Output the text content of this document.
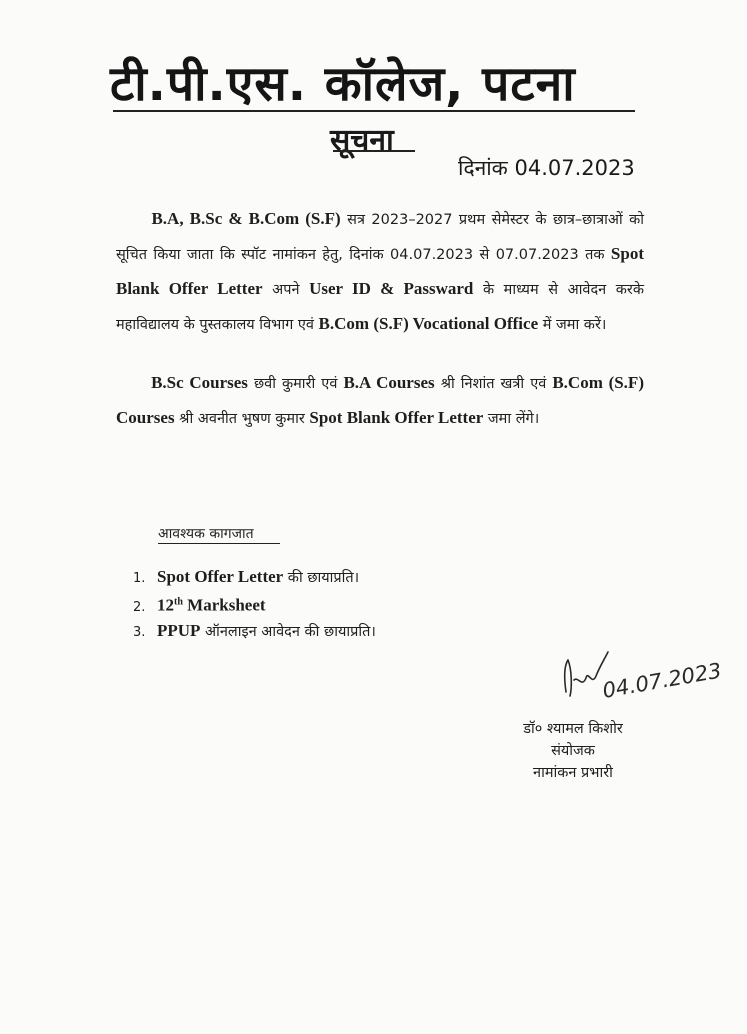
टी.पी.एस. कॉलेज, पटना
सूचना
दिनांक 04.07.2023
   B.A, B.Sc & B.Com (S.F) सत्र 2023–2027 प्रथम सेमेस्टर के छात्र–छात्राओं को सूचित किया जाता कि स्पॉट नामांकन हेतु, दिनांक 04.07.2023 से 07.07.2023 तक Spot Blank Offer Letter अपने User ID & Passward के माध्यम से आवेदन करके महाविद्यालय के पुस्तकालय विभाग एवं B.Com (S.F) Vocational Office में जमा करें।
   B.Sc Courses छवी कुमारी एवं B.A Courses श्री निशांत खत्री एवं B.Com (S.F) Courses श्री अवनीत भुषण कुमार Spot Blank Offer Letter जमा लेंगे।
आवश्यक कागजात
1. Spot Offer Letter की छायाप्रति।
2. 12th Marksheet
3. PPUP ऑनलाइन आवेदन की छायाप्रति।
04.07.2023
डॉ० श्यामल किशोर
संयोजक
नामांकन प्रभारी
